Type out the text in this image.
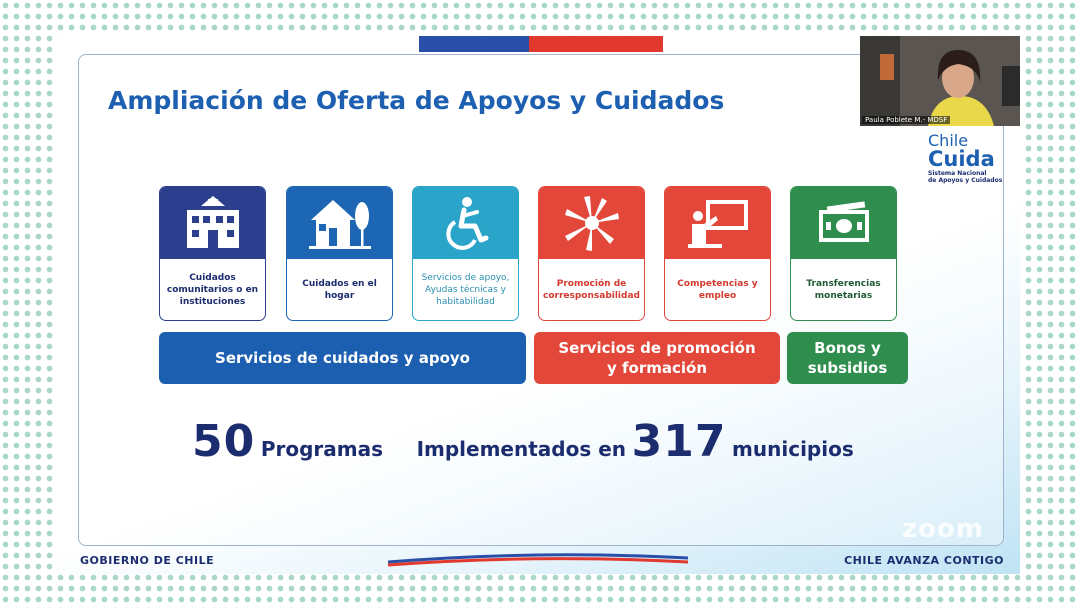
Ampliación de Oferta de Apoyos y Cuidados
Cuidados comunitarios o en instituciones
Cuidados en el hogar
Servicios de apoyo, Ayudas técnicas y habitabilidad
Promoción de corresponsabilidad
Competencias y empleo
Transferencias monetarias
Servicios de cuidados y apoyo
Servicios de promoción y formación
Bonos y subsidios
50 Programas Implementados en 317 municipios
zoom
GOBIERNO DE CHILE	CHILE AVANZA CONTIGO
Paula Poblete M.- MDSF
Chile
Cuida
Sistema Nacional
de Apoyos y Cuidados
